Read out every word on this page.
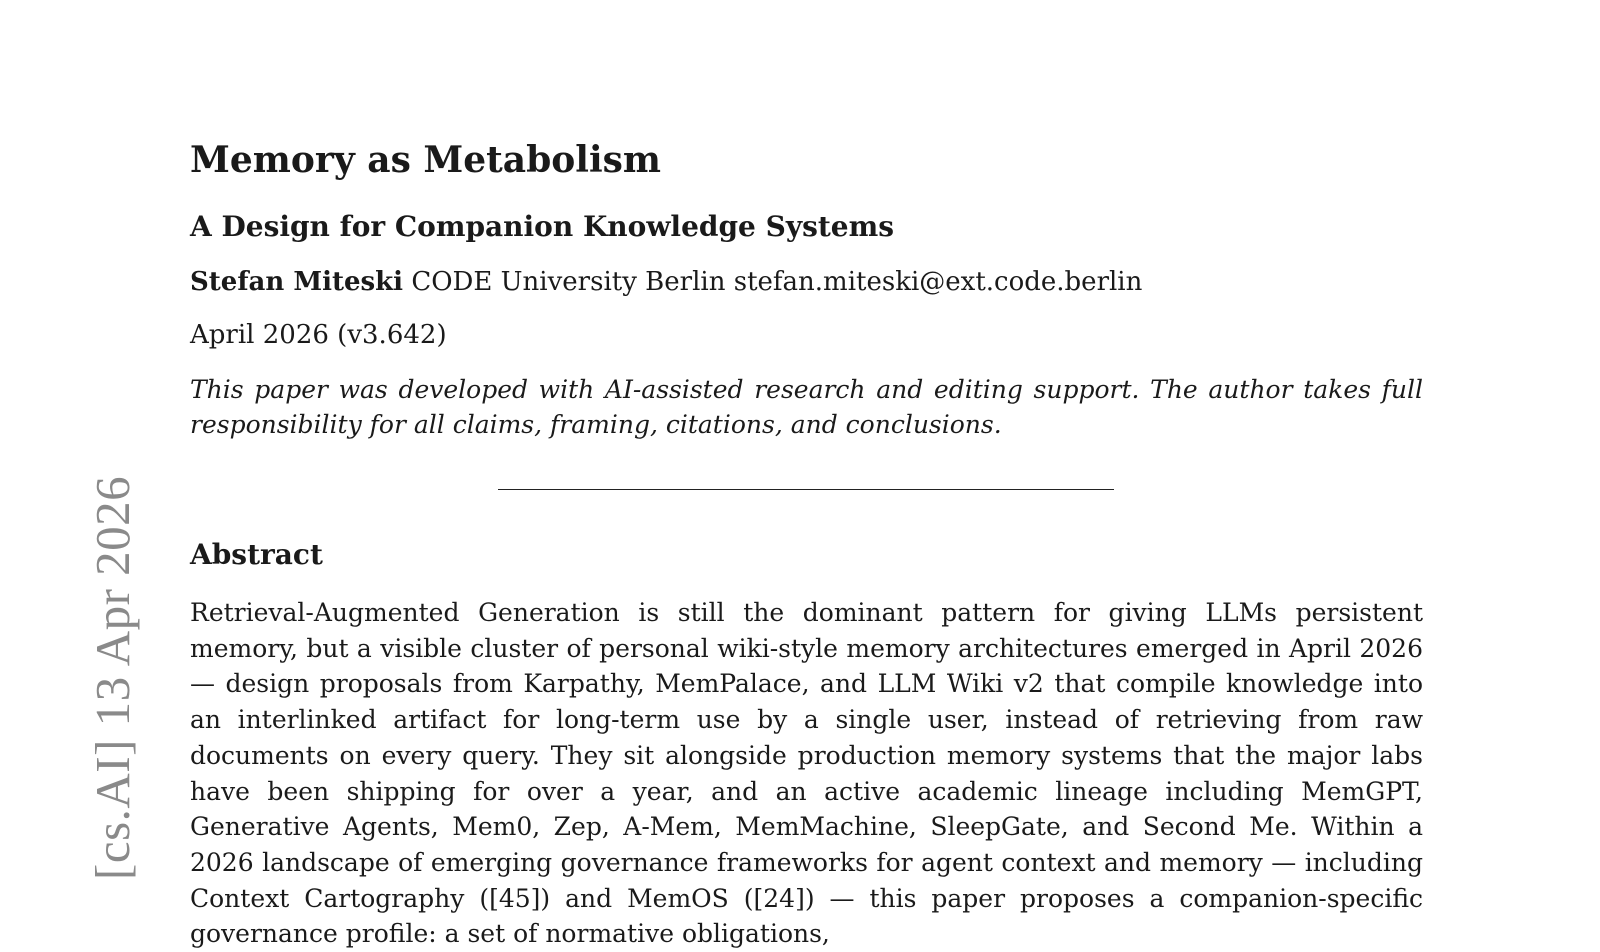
[cs.AI] 13 Apr 2026
Memory as Metabolism
A Design for Companion Knowledge Systems
Stefan Miteski CODE University Berlin stefan.miteski@ext.code.berlin
April 2026 (v3.642)

This paper was developed with AI-assisted research and editing support. The author takes full responsibility for all claims, framing, citations, and conclusions.

Abstract

Retrieval-Augmented Generation is still the dominant pattern for giving LLMs persistent memory, but a visible cluster of personal wiki-style memory architectures emerged in April 2026 — design proposals from Karpathy, MemPalace, and LLM Wiki v2 that compile knowledge into an interlinked artifact for long-term use by a single user, instead of retrieving from raw documents on every query. They sit alongside production memory systems that the major labs have been shipping for over a year, and an active academic lineage including MemGPT, Generative Agents, Mem0, Zep, A-Mem, MemMachine, SleepGate, and Second Me. Within a 2026 landscape of emerging governance frameworks for agent context and memory — including Context Cartography ([45]) and MemOS ([24]) — this paper proposes a companion-specific governance profile: a set of normative obligations,
